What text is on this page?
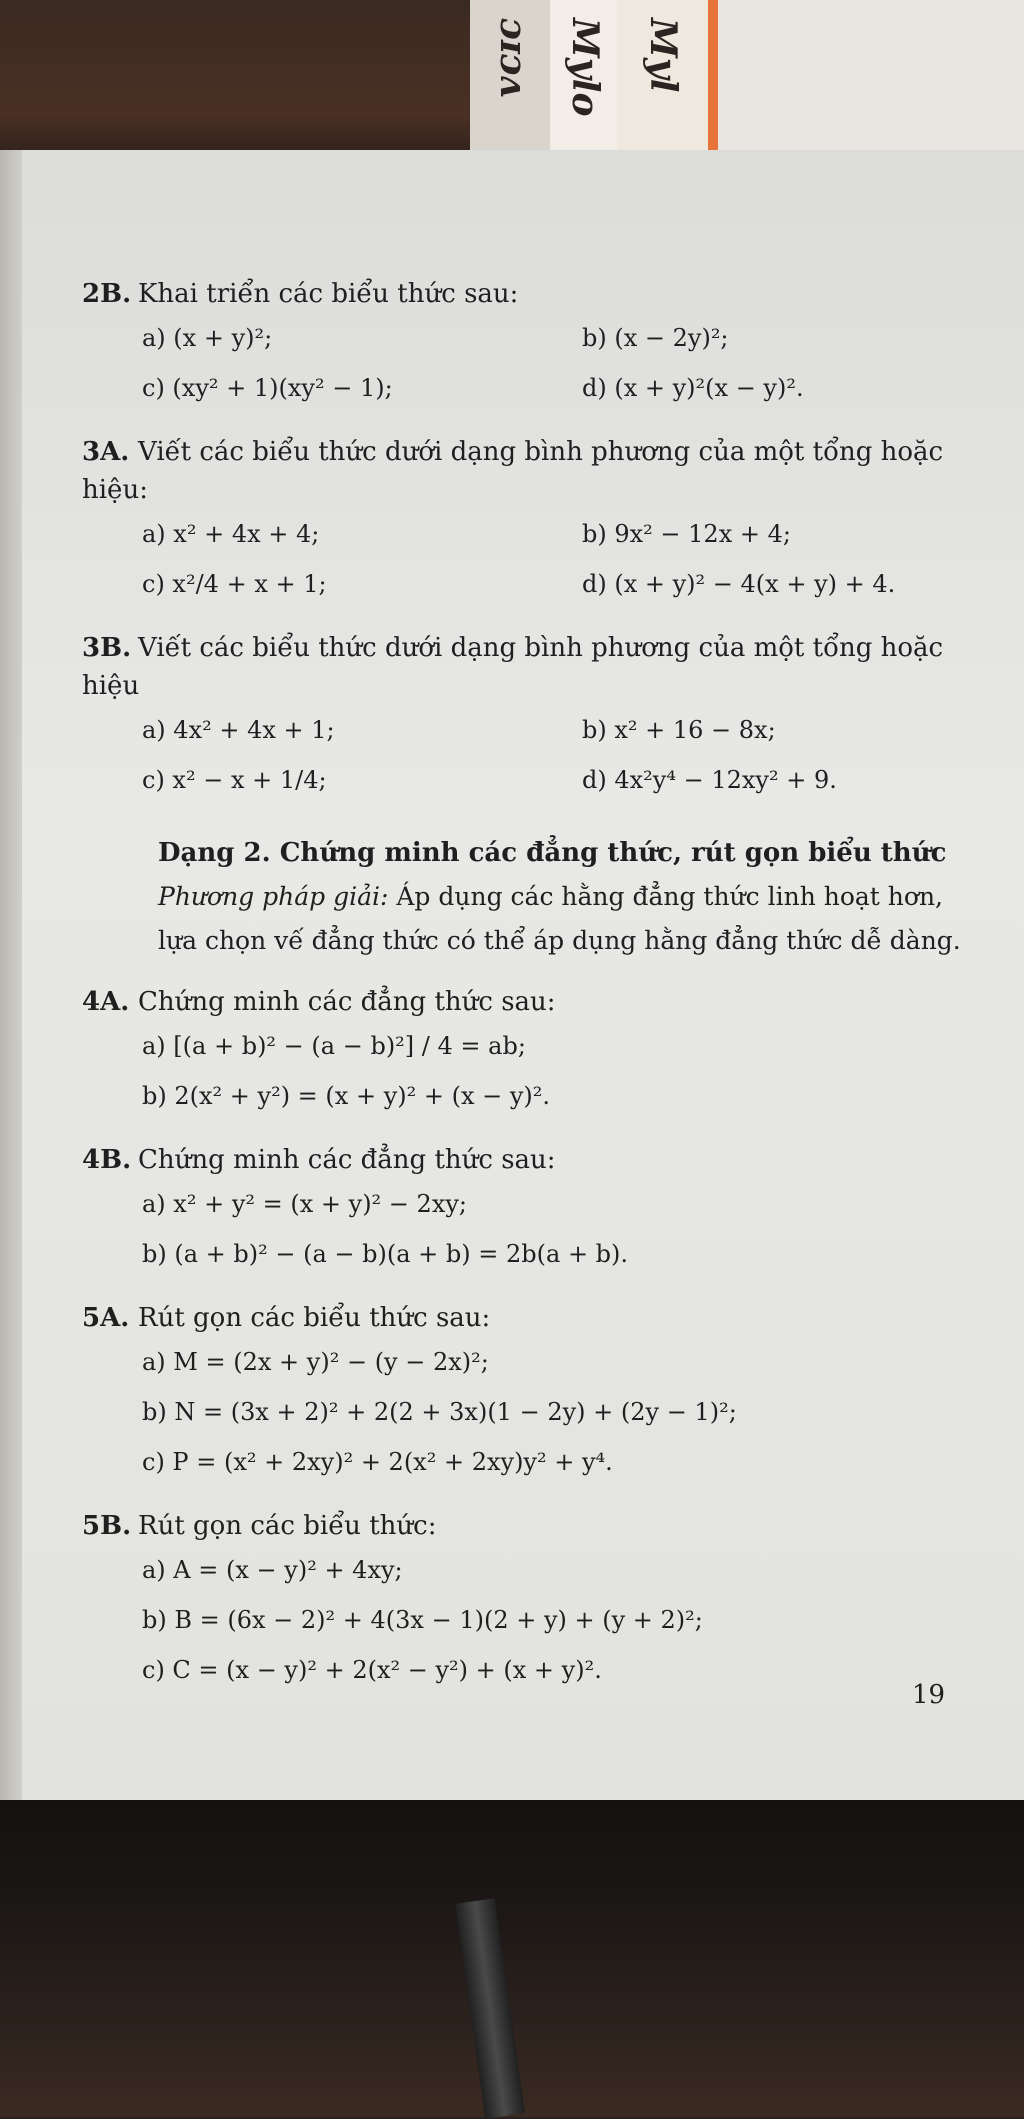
ɔɪɔʌ Mylo Myl
2B. Khai triển các biểu thức sau:
a) (x + y)²;	b) (x − 2y)²;
c) (xy² + 1)(xy² − 1);	d) (x + y)²(x − y)².
3A. Viết các biểu thức dưới dạng bình phương của một tổng hoặc hiệu:
a) x² + 4x + 4;	b) 9x² − 12x + 4;
c) x²/4 + x + 1;	d) (x + y)² − 4(x + y) + 4.
3B. Viết các biểu thức dưới dạng bình phương của một tổng hoặc hiệu
a) 4x² + 4x + 1;	b) x² + 16 − 8x;
c) x² − x + 1/4;	d) 4x²y⁴ − 12xy² + 9.
Dạng 2. Chứng minh các đẳng thức, rút gọn biểu thức
Phương pháp giải: Áp dụng các hằng đẳng thức linh hoạt hơn,
lựa chọn vế đẳng thức có thể áp dụng hằng đẳng thức dễ dàng.
4A. Chứng minh các đẳng thức sau:
a) [(a + b)² − (a − b)²] / 4 = ab;
b) 2(x² + y²) = (x + y)² + (x − y)².
4B. Chứng minh các đẳng thức sau:
a) x² + y² = (x + y)² − 2xy;
b) (a + b)² − (a − b)(a + b) = 2b(a + b).
5A. Rút gọn các biểu thức sau:
a) M = (2x + y)² − (y − 2x)²;
b) N = (3x + 2)² + 2(2 + 3x)(1 − 2y) + (2y − 1)²;
c) P = (x² + 2xy)² + 2(x² + 2xy)y² + y⁴.
5B. Rút gọn các biểu thức:
a) A = (x − y)² + 4xy;
b) B = (6x − 2)² + 4(3x − 1)(2 + y) + (y + 2)²;
c) C = (x − y)² + 2(x² − y²) + (x + y)².
19
